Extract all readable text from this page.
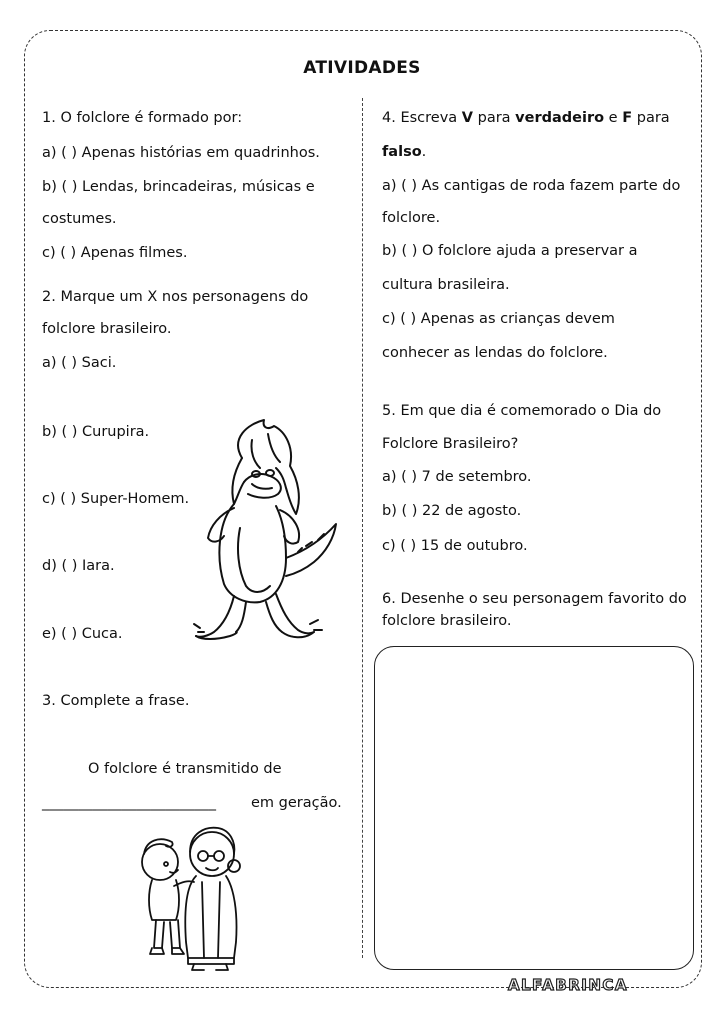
ATIVIDADES
1. O folclore é formado por:
a) ( ) Apenas histórias em quadrinhos.
b) ( ) Lendas, brincadeiras, músicas e
costumes.
c) ( ) Apenas filmes.
2. Marque um X nos personagens do
folclore brasileiro.
a) ( ) Saci.
b) ( ) Curupira.
c) ( ) Super-Homem.
d) ( ) Iara.
e) ( ) Cuca.
3. Complete a frase.
O folclore é transmitido de
________________________ em geração.
4. Escreva V para verdadeiro e F para
falso.
a) ( ) As cantigas de roda fazem parte do
folclore.
b) ( ) O folclore ajuda a preservar a
cultura brasileira.
c) ( ) Apenas as crianças devem
conhecer as lendas do folclore.
5. Em que dia é comemorado o Dia do
Folclore Brasileiro?
a) ( ) 7 de setembro.
b) ( ) 22 de agosto.
c) ( ) 15 de outubro.
6. Desenhe o seu personagem favorito do
folclore brasileiro.
ALFABRINCA
